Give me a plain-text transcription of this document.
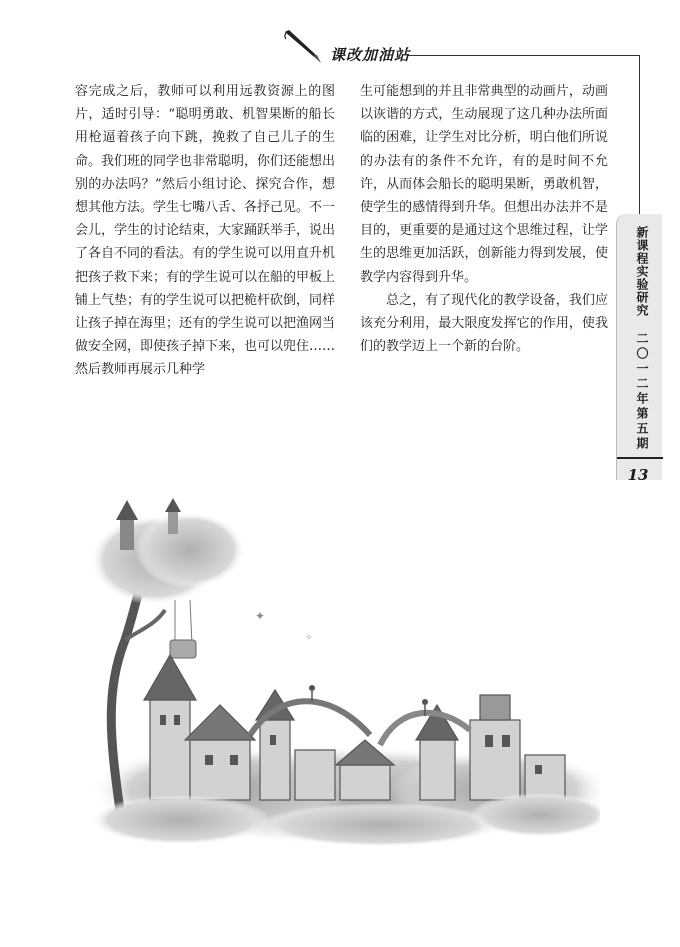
课改加油站
新课程实验研究
二〇一二年第五期
13

容完成之后，教师可以利用远教资源上的图片，适时引导：“聪明勇敢、机智果断的船长用枪逼着孩子向下跳，挽救了自己儿子的生命。我们班的同学也非常聪明，你们还能想出别的办法吗？”然后小组讨论、探究合作，想想其他方法。学生七嘴八舌、各抒己见。不一会儿，学生的讨论结束，大家踊跃举手，说出了各自不同的看法。有的学生说可以用直升机把孩子救下来；有的学生说可以在船的甲板上铺上气垫；有的学生说可以把桅杆砍倒，同样让孩子掉在海里；还有的学生说可以把渔网当做安全网，即使孩子掉下来，也可以兜住……然后教师再展示几种学

生可能想到的并且非常典型的动画片，动画以诙谐的方式，生动展现了这几种办法所面临的困难，让学生对比分析，明白他们所说的办法有的条件不允许，有的是时间不允许，从而体会船长的聪明果断，勇敢机智，使学生的感情得到升华。但想出办法并不是目的，更重要的是通过这个思维过程，让学生的思维更加活跃，创新能力得到发展，使教学内容得到升华。

总之，有了现代化的教学设备，我们应该充分利用，最大限度发挥它的作用，使我们的教学迈上一个新的台阶。

✦
✧
